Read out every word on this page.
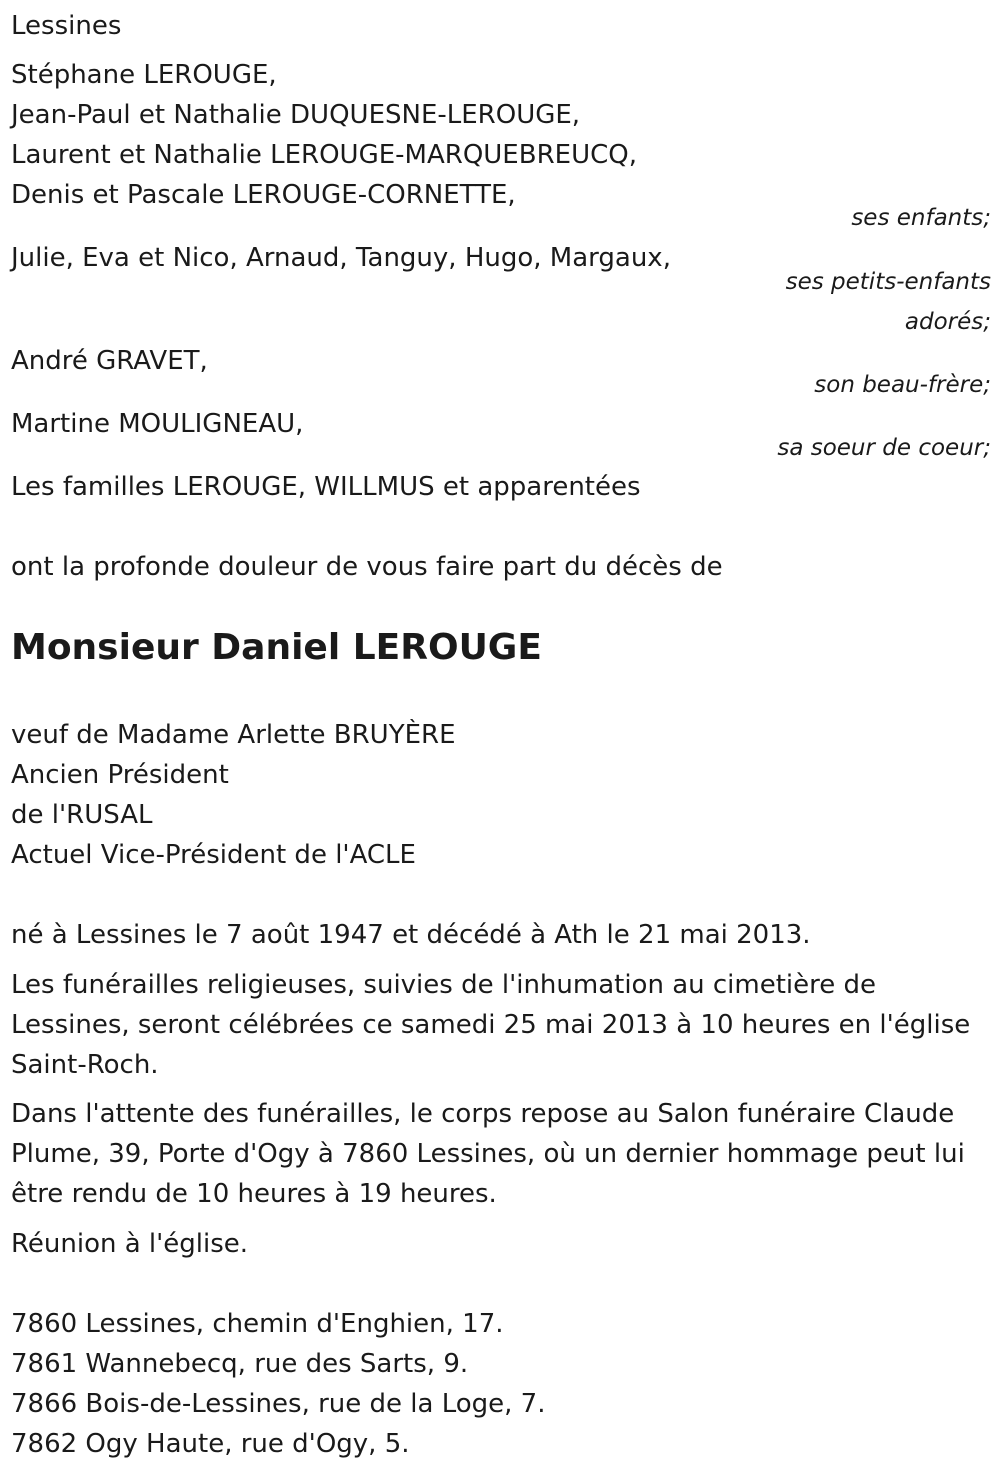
Lessines
Stéphane LEROUGE,
Jean-Paul et Nathalie DUQUESNE-LEROUGE,
Laurent et Nathalie LEROUGE-MARQUEBREUCQ,
Denis et Pascale LEROUGE-CORNETTE,
ses enfants;
Julie, Eva et Nico, Arnaud, Tanguy, Hugo, Margaux,
ses petits-enfants
adorés;
André GRAVET,
son beau-frère;
Martine MOULIGNEAU,
sa soeur de coeur;
Les familles LEROUGE, WILLMUS et apparentées
ont la profonde douleur de vous faire part du décès de
Monsieur Daniel LEROUGE
veuf de Madame Arlette BRUYÈRE
Ancien Président
de l'RUSAL
Actuel Vice-Président de l'ACLE
né à Lessines le 7 août 1947 et décédé à Ath le 21 mai 2013.
Les funérailles religieuses, suivies de l'inhumation au cimetière de
Lessines, seront célébrées ce samedi 25 mai 2013 à 10 heures en l'église
Saint-Roch.
Dans l'attente des funérailles, le corps repose au Salon funéraire Claude
Plume, 39, Porte d'Ogy à 7860 Lessines, où un dernier hommage peut lui
être rendu de 10 heures à 19 heures.
Réunion à l'église.
7860 Lessines, chemin d'Enghien, 17.
7861 Wannebecq, rue des Sarts, 9.
7866 Bois-de-Lessines, rue de la Loge, 7.
7862 Ogy Haute, rue d'Ogy, 5.
